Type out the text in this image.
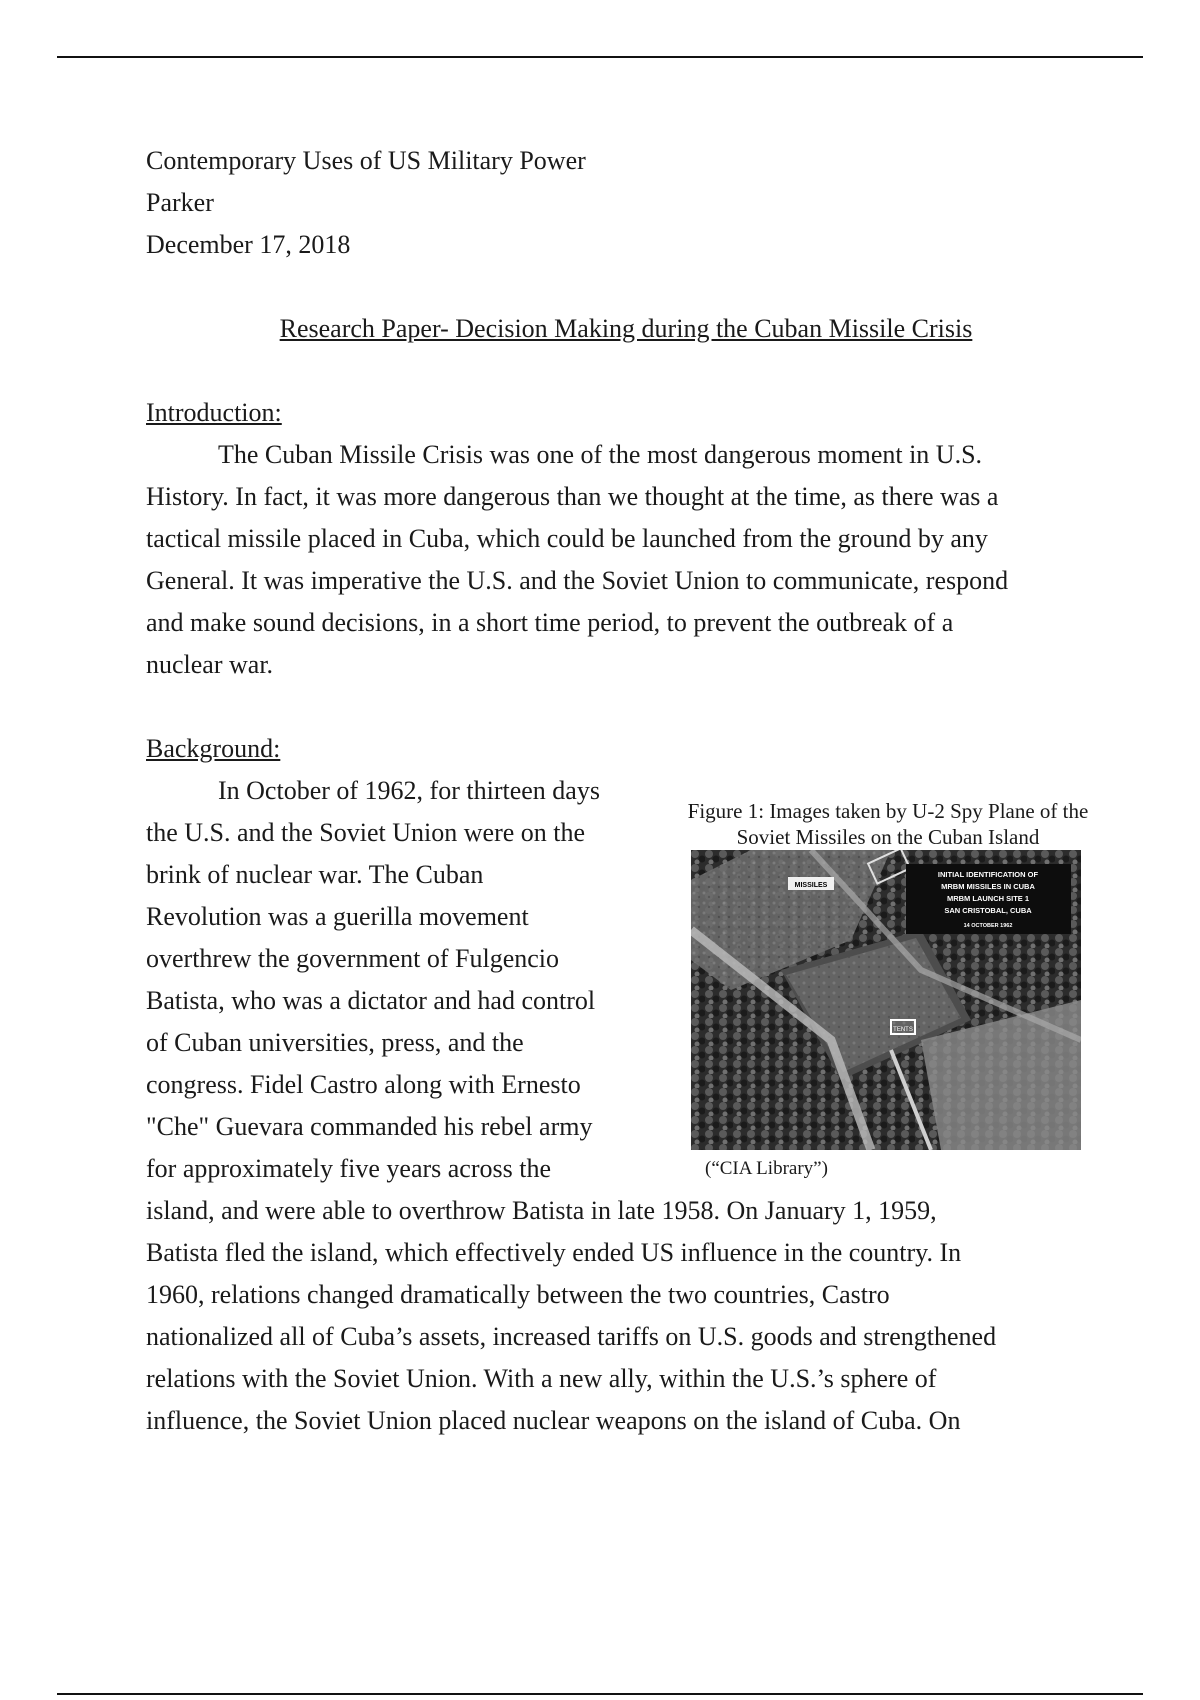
Contemporary Uses of US Military Power
Parker
December 17, 2018
Research Paper- Decision Making during the Cuban Missile Crisis
Introduction:
The Cuban Missile Crisis was one of the most dangerous moment in U.S.
History. In fact, it was more dangerous than we thought at the time, as there was a
tactical missile placed in Cuba, which could be launched from the ground by any
General. It was imperative the U.S. and the Soviet Union to communicate, respond
and make sound decisions, in a short time period, to prevent the outbreak of a
nuclear war.
Background:
In October of 1962, for thirteen days
the U.S. and the Soviet Union were on the
brink of nuclear war. The Cuban
Revolution was a guerilla movement
overthrew the government of Fulgencio
Batista, who was a dictator and had control
of Cuban universities, press, and the
congress. Fidel Castro along with Ernesto
"Che" Guevara commanded his rebel army
for approximately five years across the
island, and were able to overthrow Batista in late 1958. On January 1, 1959,
Batista fled the island, which effectively ended US influence in the country. In
1960, relations changed dramatically between the two countries, Castro
nationalized all of Cuba’s assets, increased tariffs on U.S. goods and strengthened
relations with the Soviet Union. With a new ally, within the U.S.’s sphere of
influence, the Soviet Union placed nuclear weapons on the island of Cuba. On
Figure 1: Images taken by U-2 Spy Plane of the Soviet Missiles on the Cuban Island
MISSILES
INITIAL IDENTIFICATION OF
MRBM MISSILES IN CUBA
MRBM LAUNCH SITE 1
SAN CRISTOBAL, CUBA
14 OCTOBER 1962
TENTS
(“CIA Library”)
